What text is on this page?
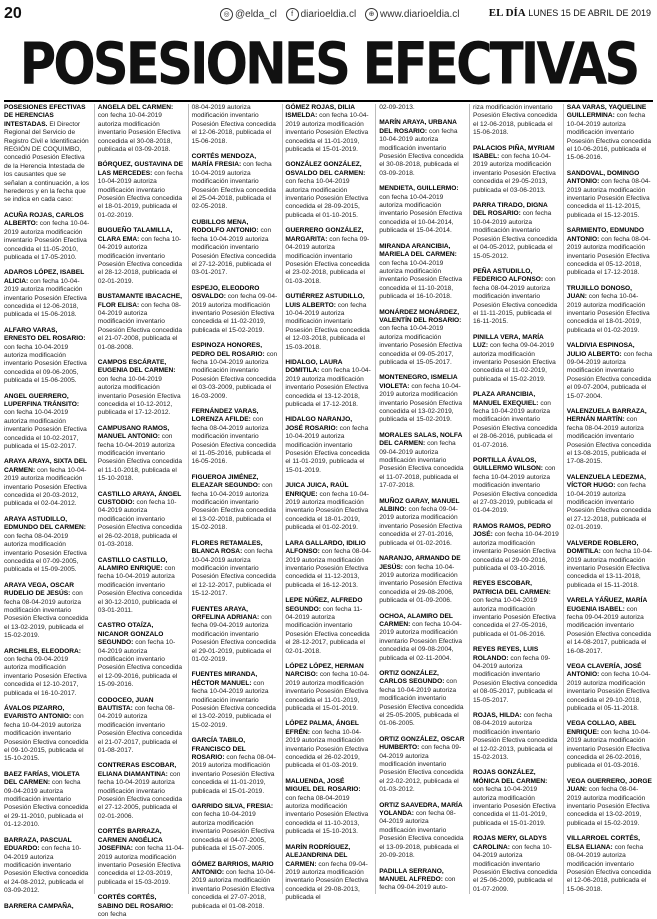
20	◎ @elda_cl f diarioeldia.cl ⊕ www.diarioeldia.cl	EL DÍA LUNES 15 DE ABRIL DE 2019
POSESIONES EFECTIVAS
POSESIONES EFECTIVAS DE HERENCIAS INTESTADAS. El Director Regional del Servicio de Registro Civil e Identificación REGIÓN DE COQUIMBO, concedió Posesión Efectiva de la Herencia Intestada de los causantes que se señalan a continuación, a los herederos y en la fecha que se indica en cada caso:
ACUÑA ROJAS, CARLOS ALBERTO: con fecha 10-04-2019 autoriza modificación inventario Posesión Efectiva concedida el 11-05-2010, publicada el 17-05-2010.
ADAROS LÓPEZ, ISABEL ALICIA: con fecha 10-04-2019 autoriza modificación inventario Posesión Efectiva concedida el 12-06-2018, publicada el 15-06-2018.
ALFARO VARAS, ERNESTO DEL ROSARIO: con fecha 10-04-2019 autoriza modificación inventario Posesión Efectiva concedida el 09-06-2005, publicada el 15-06-2005.
ANGEL GUERRERO, LUPERFINA TRÁNSITO: con fecha 10-04-2019 autoriza modificación inventario Posesión Efectiva concedida el 10-02-2017, publicada el 15-02-2017.
ARAYA ARAYA, SIXTA DEL CARMEN: con fecha 10-04-2019 autoriza modificación inventario Posesión Efectiva concedida el 20-03-2012, publicada el 02-04-2012.
ARAYA ASTUDILLO, EDMUNDO DEL CARMEN: con fecha 08-04-2019 autoriza modificación inventario Posesión Efectiva concedida el 07-09-2005, publicada el 15-09-2005.
ARAYA VEGA, OSCAR RUDELIO DE JESÚS: con fecha 08-04-2019 autoriza modificación inventario Posesión Efectiva concedida el 13-02-2019, publicada el 15-02-2019.
ARCHILES, ELEODORA: con fecha 09-04-2019 autoriza modificación inventario Posesión Efectiva concedida el 12-10-2017, publicada el 16-10-2017.
ÁVALOS PIZARRO, EVARISTO ANTONIO: con fecha 10-04-2019 autoriza modificación inventario Posesión Efectiva concedida el 09-10-2015, publicada el 15-10-2015.
BAEZ FARÍAS, VIOLETA DEL CARMEN: con fecha 09-04-2019 autoriza modificación inventario Posesión Efectiva concedida el 29-11-2010, publicada el 01-12-2010.
BARRAZA, PASCUAL EDUARDO: con fecha 10-04-2019 autoriza modificación inventario Posesión Efectiva concedida el 24-08-2012, publicada el 03-09-2012.
BARRERA CAMPAÑA,
ANGELA DEL CARMEN: con fecha 10-04-2019 autoriza modificación inventario Posesión Efectiva concedida el 30-08-2018, publicada el 03-09-2018.
BÓRQUEZ, GUSTAVINA DE LAS MERCEDES: con fecha 10-04-2019 autoriza modificación inventario Posesión Efectiva concedida el 18-01-2019, publicada el 01-02-2019.
BUGUEÑO TALAMILLA, CLARA EMA: con fecha 10-04-2019 autoriza modificación inventario Posesión Efectiva concedida el 28-12-2018, publicada el 02-01-2019.
BUSTAMANTE IBACACHE, FLOR ELISA: con fecha 08-04-2019 autoriza modificación inventario Posesión Efectiva concedida el 21-07-2008, publicada el 01-08-2008.
CAMPOS ESCÁRATE, EUGENIA DEL CARMEN: con fecha 10-04-2019 autoriza modificación inventario Posesión Efectiva concedida el 10-12-2012, publicada el 17-12-2012.
CAMPUSANO RAMOS, MANUEL ANTONIO: con fecha 10-04-2019 autoriza modificación inventario Posesión Efectiva concedida el 11-10-2018, publicada el 15-10-2018.
CASTILLO ARAYA, ÁNGEL CUSTODIO: con fecha 10-04-2019 autoriza modificación inventario Posesión Efectiva concedida el 26-02-2018, publicada el 01-03-2018.
CASTILLO CASTILLO, ALAMIRO ENRIQUE: con fecha 10-04-2019 autoriza modificación inventario Posesión Efectiva concedida el 30-12-2010, publicada el 03-01-2011.
CASTRO OTAÍZA, NICANOR GONZALO SEGUNDO: con fecha 10-04-2019 autoriza modificación inventario Posesión Efectiva concedida el 12-09-2016, publicada el 15-09-2016.
CODOCEO, JUAN BAUTISTA: con fecha 08-04-2019 autoriza modificación inventario Posesión Efectiva concedida el 21-07-2017, publicada el 01-08-2017.
CONTRERAS ESCOBAR, ELIANA DIAMANTINA: con fecha 10-04-2019 autoriza modificación inventario Posesión Efectiva concedida el 27-12-2005, publicada el 02-01-2006.
CORTÉS BARRAZA, CARMEN ANGÉLICA JOSEFINA: con fecha 11-04-2019 autoriza modificación inventario Posesión Efectiva concedida el 12-03-2019, publicada el 15-03-2019.
CORTÉS CORTÉS, SABINO DEL ROSARIO: con fecha
08-04-2019 autoriza modificación inventario Posesión Efectiva concedida el 12-06-2018, publicada el 15-06-2018.
CORTÉS MENDOZA, MARÍA FRESIA: con fecha 10-04-2019 autoriza modificación inventario Posesión Efectiva concedida el 25-04-2018, publicada el 02-05-2018.
CUBILLOS MENA, RODOLFO ANTONIO: con fecha 10-04-2019 autoriza modificación inventario Posesión Efectiva concedida el 27-12-2016, publicada el 03-01-2017.
ESPEJO, ELEODORO OSVALDO: con fecha 09-04-2019 autoriza modificación inventario Posesión Efectiva concedida el 11-02-2019, publicada el 15-02-2019.
ESPINOZA HONORES, PEDRO DEL ROSARIO: con fecha 10-04-2019 autoriza modificación inventario Posesión Efectiva concedida el 03-03-2009, publicada el 16-03-2009.
FERNÁNDEZ VARAS, LORENZA AFILDE: con fecha 08-04-2019 autoriza modificación inventario Posesión Efectiva concedida el 11-05-2016, publicada el 16-05-2016.
FIGUEROA JIMÉNEZ, ELEAZAR SEGUNDO: con fecha 10-04-2019 autoriza modificación inventario Posesión Efectiva concedida el 13-02-2018, publicada el 15-02-2018.
FLORES RETAMALES, BLANCA ROSA: con fecha 10-04-2019 autoriza modificación inventario Posesión Efectiva concedida el 12-12-2017, publicada el 15-12-2017.
FUENTES ARAYA, ORFELINA ADRIANA: con fecha 09-04-2019 autoriza modificación inventario Posesión Efectiva concedida el 29-01-2019, publicada el 01-02-2019.
FUENTES MIRANDA, HÉCTOR MANUEL: con fecha 10-04-2019 autoriza modificación inventario Posesión Efectiva concedida el 13-02-2019, publicada el 15-02-2019.
GARCÍA TABILO, FRANCISCO DEL ROSARIO: con fecha 08-04-2019 autoriza modificación inventario Posesión Efectiva concedida el 11-01-2019, publicada el 15-01-2019.
GARRIDO SILVA, FRESIA: con fecha 10-04-2019 autoriza modificación inventario Posesión Efectiva concedida el 04-07-2005, publicada el 15-07-2005.
GÓMEZ BARRIOS, MARIO ANTONIO: con fecha 10-04-2019 autoriza modificación inventario Posesión Efectiva concedida el 27-07-2018, publicada el 01-08-2018.
GÓMEZ ROJAS, DILIA ISMELDA: con fecha 10-04-2019 autoriza modificación inventario Posesión Efectiva concedida el 11-01-2019, publicada el 15-01-2019.
GONZÁLEZ GONZÁLEZ, OSVALDO DEL CARMEN: con fecha 10-04-2019 autoriza modificación inventario Posesión Efectiva concedida el 28-09-2015, publicada el 01-10-2015.
GUERRERO GONZÁLEZ, MARGARITA: con fecha 09-04-2019 autoriza modificación inventario Posesión Efectiva concedida el 23-02-2018, publicada el 01-03-2018.
GUTIÉRREZ ASTUDILLO, LUIS ALBERTO: con fecha 10-04-2019 autoriza modificación inventario Posesión Efectiva concedida el 12-03-2018, publicada el 15-03-2018.
HIDALGO, LAURA DOMITILA: con fecha 10-04-2019 autoriza modificación inventario Posesión Efectiva concedida el 13-12-2018, publicada el 17-12-2018.
HIDALGO NARANJO, JOSÉ ROSARIO: con fecha 10-04-2019 autoriza modificación inventario Posesión Efectiva concedida el 11-01-2019, publicada el 15-01-2019.
JUICA JUICA, RAÚL ENRIQUE: con fecha 10-04-2019 autoriza modificación inventario Posesión Efectiva concedida el 18-01-2019, publicada el 01-02-2019.
LARA GALLARDO, IDILIO ALFONSO: con fecha 08-04-2019 autoriza modificación inventario Posesión Efectiva concedida el 11-12-2013, publicada el 16-12-2013.
LEPE NÚÑEZ, ALFREDO SEGUNDO: con fecha 11-04-2019 autoriza modificación inventario Posesión Efectiva concedida el 28-12-2017, publicada el 02-01-2018.
LÓPEZ LÓPEZ, HERMAN NARCISO: con fecha 10-04-2019 autoriza modificación inventario Posesión Efectiva concedida el 11-01-2019, publicada el 15-01-2019.
LÓPEZ PALMA, ÁNGEL EFRÉN: con fecha 10-04-2019 autoriza modificación inventario Posesión Efectiva concedida el 26-02-2019, publicada el 01-03-2019.
MALUENDA, JOSÉ MIGUEL DEL ROSARIO: con fecha 08-04-2019 autoriza modificación inventario Posesión Efectiva concedida el 11-10-2013, publicada el 15-10-2013.
MARÍN RODRÍGUEZ, ALEJANDRINA DEL CARMEN: con fecha 09-04-2019 autoriza modificación inventario Posesión Efectiva concedida el 29-08-2013, publicada el
02-09-2013.
MARÍN ARAYA, URBANA DEL ROSARIO: con fecha 10-04-2019 autoriza modificación inventario Posesión Efectiva concedida el 30-08-2018, publicada el 03-09-2018.
MENDIETA, GUILLERMO: con fecha 10-04-2019 autoriza modificación inventario Posesión Efectiva concedida el 10-04-2014, publicada el 15-04-2014.
MIRANDA ARANCIBIA, MARIELA DEL CARMEN: con fecha 10-04-2019 autoriza modificación inventario Posesión Efectiva concedida el 11-10-2018, publicada el 16-10-2018.
MONÁRDEZ MONÁRDEZ, VALENTÍN DEL ROSARIO: con fecha 10-04-2019 autoriza modificación inventario Posesión Efectiva concedida el 09-05-2017, publicada el 15-05-2017.
MONTENEGRO, ISMELIA VIOLETA: con fecha 10-04-2019 autoriza modificación inventario Posesión Efectiva concedida el 13-02-2019, publicada el 15-02-2019.
MORALES SALAS, NOLFA DEL CARMEN: con fecha 09-04-2019 autoriza modificación inventario Posesión Efectiva concedida el 11-07-2018, publicada el 17-07-2018.
MUÑOZ GARAY, MANUEL ALBINO: con fecha 09-04-2019 autoriza modificación inventario Posesión Efectiva concedida el 27-01-2016, publicada el 01-02-2016.
NARANJO, ARMANDO DE JESÚS: con fecha 10-04-2019 autoriza modificación inventario Posesión Efectiva concedida el 29-08-2006, publicada el 01-09-2006.
OCHOA, ALAMIRO DEL CARMEN: con fecha 10-04-2019 autoriza modificación inventario Posesión Efectiva concedida el 09-08-2004, publicada el 02-11-2004.
ORTIZ GONZÁLEZ, CARLOS SEGUNDO: con fecha 10-04-2019 autoriza modificación inventario Posesión Efectiva concedida el 25-05-2005, publicada el 01-06-2005.
ORTIZ GONZÁLEZ, OSCAR HUMBERTO: con fecha 09-04-2019 autoriza modificación inventario Posesión Efectiva concedida el 22-02-2012, publicada el 01-03-2012.
ORTIZ SAAVEDRA, MARÍA YOLANDA: con fecha 08-04-2019 autoriza modificación inventario Posesión Efectiva concedida el 13-09-2018, publicada el 20-09-2018.
PADILLA SERRANO, MANUEL ALFREDO: con fecha 09-04-2019 auto-
riza modificación inventario Posesión Efectiva concedida el 12-06-2018, publicada el 15-06-2018.
PALACIOS PIÑA, MYRIAM ISABEL: con fecha 10-04-2019 autoriza modificación inventario Posesión Efectiva concedida el 29-05-2013, publicada el 03-06-2013.
PARRA TIRADO, DIGNA DEL ROSARIO: con fecha 10-04-2019 autoriza modificación inventario Posesión Efectiva concedida el 04-05-2012, publicada el 15-05-2012.
PEÑA ASTUDILLO, FEDERICO ALFONSO: con fecha 08-04-2019 autoriza modificación inventario Posesión Efectiva concedida el 11-11-2015, publicada el 16-11-2015.
PINILLA VERA, MARÍA LUZ: con fecha 09-04-2019 autoriza modificación inventario Posesión Efectiva concedida el 11-02-2019, publicada el 15-02-2019.
PLAZA ARANCIBIA, MANUEL EXEQUIEL: con fecha 10-04-2019 autoriza modificación inventario Posesión Efectiva concedida el 28-06-2016, publicada el 01-07-2016.
PORTILLA ÁVALOS, GUILLERMO WILSON: con fecha 10-04-2019 autoriza modificación inventario Posesión Efectiva concedida el 27-03-2019, publicada el 01-04-2019.
RAMOS RAMOS, PEDRO JOSÉ: con fecha 10-04-2019 autoriza modificación inventario Posesión Efectiva concedida el 29-09-2016, publicada el 03-10-2016.
REYES ESCOBAR, PATRICIA DEL CARMEN: con fecha 10-04-2019 autoriza modificación inventario Posesión Efectiva concedida el 27-05-2016, publicada el 01-06-2016.
REYES REYES, LUIS ROLANDO: con fecha 09-04-2019 autoriza modificación inventario Posesión Efectiva concedida el 08-05-2017, publicada el 15-05-2017.
ROJAS, HILDA: con fecha 08-04-2019 autoriza modificación inventario Posesión Efectiva concedida el 12-02-2013, publicada el 15-02-2013.
ROJAS GONZÁLEZ, MÓNICA DEL CARMEN: con fecha 10-04-2019 autoriza modificación inventario Posesión Efectiva concedida el 11-01-2019, publicada el 15-01-2019.
ROJAS MERY, GLADYS CAROLINA: con fecha 10-04-2019 autoriza modificación inventario Posesión Efectiva concedida el 25-06-2009, publicada el 01-07-2009.
SAA VARAS, YAQUELINE GUILLERMINA: con fecha 10-04-2019 autoriza modificación inventario Posesión Efectiva concedida el 10-06-2016, publicada el 15-06-2016.
SANDOVAL, DOMINGO ANTONIO: con fecha 08-04-2019 autoriza modificación inventario Posesión Efectiva concedida el 11-12-2015, publicada el 15-12-2015.
SARMIENTO, EDMUNDO ANTONIO: con fecha 08-04-2019 autoriza modificación inventario Posesión Efectiva concedida el 05-12-2018, publicada el 17-12-2018.
TRUJILLO DONOSO, JUAN: con fecha 10-04-2019 autoriza modificación inventario Posesión Efectiva concedida el 18-01-2019, publicada el 01-02-2019.
VALDIVIA ESPINOSA, JULIO ALBERTO: con fecha 09-04-2019 autoriza modificación inventario Posesión Efectiva concedida el 09-07-2004, publicada el 15-07-2004.
VALENZUELA BARRAZA, HERNÁN MARTÍN: con fecha 08-04-2019 autoriza modificación inventario Posesión Efectiva concedida el 13-08-2015, publicada el 17-08-2015.
VALENZUELA LEDEZMA, VÍCTOR HUGO: con fecha 10-04-2019 autoriza modificación inventario Posesión Efectiva concedida el 27-12-2018, publicada el 02-01-2019.
VALVERDE ROBLERO, DOMITILA: con fecha 10-04-2019 autoriza modificación inventario Posesión Efectiva concedida el 13-11-2018, publicada el 15-11-2018.
VARELA YÁÑUEZ, MARÍA EUGENIA ISABEL: con fecha 09-04-2019 autoriza modificación inventario Posesión Efectiva concedida el 14-08-2017, publicada el 16-08-2017.
VEGA CLAVERÍA, JOSÉ ANTONIO: con fecha 10-04-2019 autoriza modificación inventario Posesión Efectiva concedida el 29-10-2018, publicada el 05-11-2018.
VEGA COLLAO, ABEL ENRIQUE: con fecha 10-04-2019 autoriza modificación inventario Posesión Efectiva concedida el 26-02-2016, publicada el 01-03-2016.
VEGA GUERRERO, JORGE JUAN: con fecha 08-04-2019 autoriza modificación inventario Posesión Efectiva concedida el 13-02-2019, publicada el 15-02-2019.
VILLARROEL CORTÉS, ELSA ELIANA: con fecha 08-04-2019 autoriza modificación inventario Posesión Efectiva concedida el 12-06-2018, publicada el 15-06-2018.
